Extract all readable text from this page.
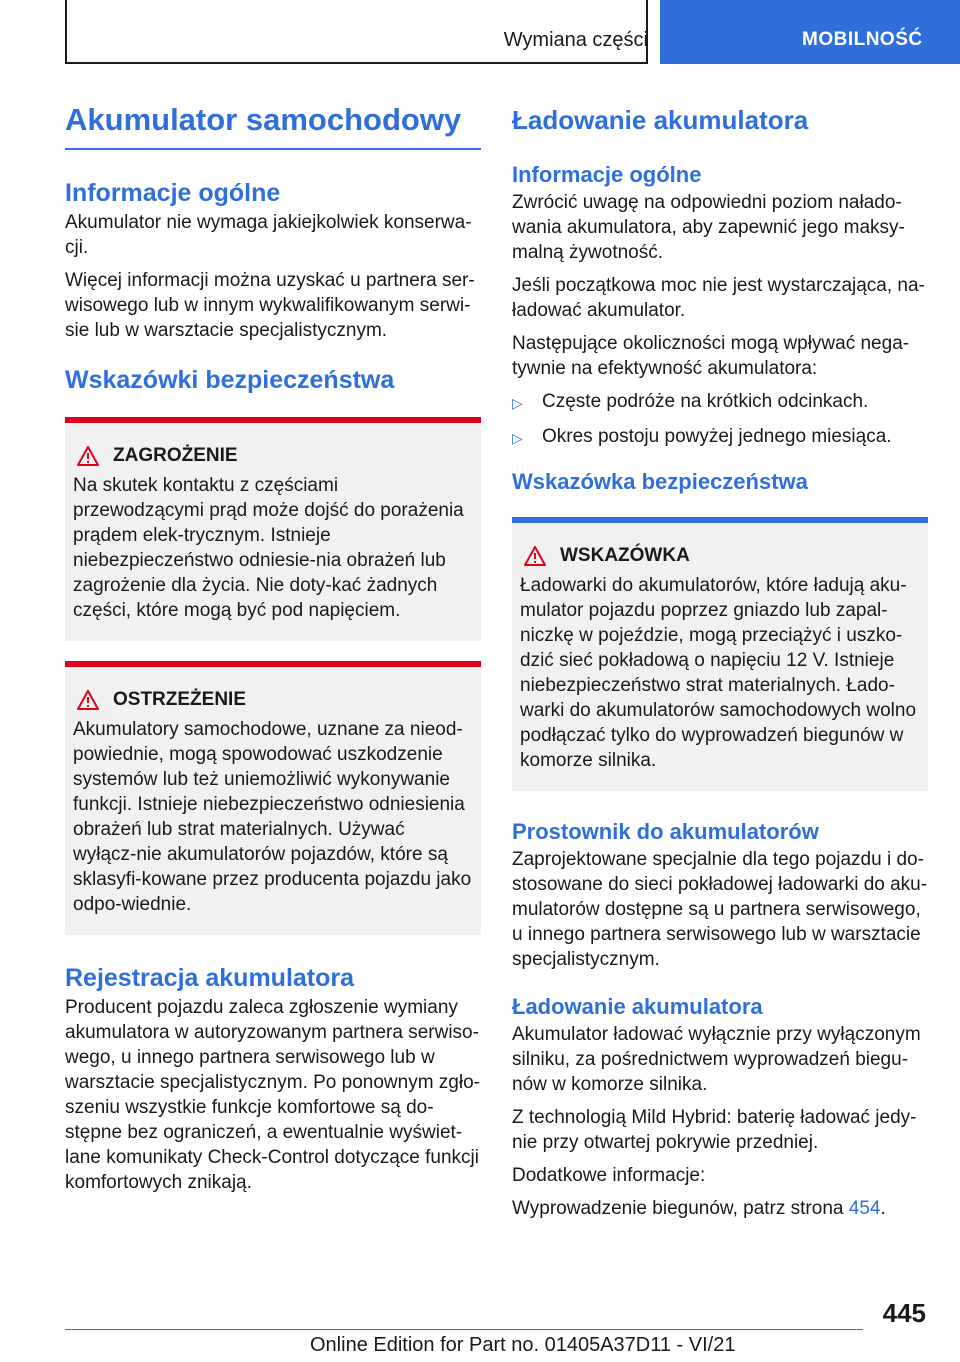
Wymiana części	MOBILNOŚĆ
Akumulator samochodowy
Informacje ogólne

Akumulator nie wymaga jakiejkolwiek konserwa-cji.

Więcej informacji można uzyskać u partnera ser-wisowego lub w innym wykwalifikowanym serwi-sie lub w warsztacie specjalistycznym.

Wskazówki bezpieczeństwa
ZAGROŻENIE

Na skutek kontaktu z częściami przewodzącymi prąd może dojść do porażenia prądem elek-trycznym. Istnieje niebezpieczeństwo odniesie-nia obrażeń lub zagrożenie dla życia. Nie doty-kać żadnych części, które mogą być pod napięciem.

OSTRZEŻENIE

Akumulatory samochodowe, uznane za nieod-powiednie, mogą spowodować uszkodzenie systemów lub też uniemożliwić wykonywanie funkcji. Istnieje niebezpieczeństwo odniesienia obrażeń lub strat materialnych. Używać wyłącz-nie akumulatorów pojazdów, które są sklasyfi-kowane przez producenta pojazdu jako odpo-wiednie.

Rejestracja akumulatora

Producent pojazdu zaleca zgłoszenie wymiany akumulatora w autoryzowanym partnera serwiso-wego, u innego partnera serwisowego lub w warsztacie specjalistycznym. Po ponownym zgło-szeniu wszystkie funkcje komfortowe są do-stępne bez ograniczeń, a ewentualnie wyświet-lane komunikaty Check-Control dotyczące funkcji komfortowych znikają.

Ładowanie akumulatora
Informacje ogólne

Zwrócić uwagę na odpowiedni poziom nałado-wania akumulatora, aby zapewnić jego maksy-malną żywotność.

Jeśli początkowa moc nie jest wystarczająca, na-ładować akumulator.

Następujące okoliczności mogą wpływać nega-tywnie na efektywność akumulatora:

▷	Częste podróże na krótkich odcinkach.
▷	Okres postoju powyżej jednego miesiąca.
Wskazówka bezpieczeństwa
WSKAZÓWKA

Ładowarki do akumulatorów, które ładują aku-mulator pojazdu poprzez gniazdo lub zapal-niczkę w pojeździe, mogą przeciążyć i uszko-dzić sieć pokładową o napięciu 12 V. Istnieje niebezpieczeństwo strat materialnych. Łado-warki do akumulatorów samochodowych wolno podłączać tylko do wyprowadzeń biegunów w komorze silnika.

Prostownik do akumulatorów

Zaprojektowane specjalnie dla tego pojazdu i do-stosowane do sieci pokładowej ładowarki do aku-mulatorów dostępne są u partnera serwisowego, u innego partnera serwisowego lub w warsztacie specjalistycznym.

Ładowanie akumulatora

Akumulator ładować wyłącznie przy wyłączonym silniku, za pośrednictwem wyprowadzeń biegu-nów w komorze silnika.

Z technologią Mild Hybrid: baterię ładować jedy-nie przy otwartej pokrywie przedniej.

Dodatkowe informacje:

Wyprowadzenie biegunów, patrz strona 454.

445
Online Edition for Part no. 01405A37D11 - VI/21
